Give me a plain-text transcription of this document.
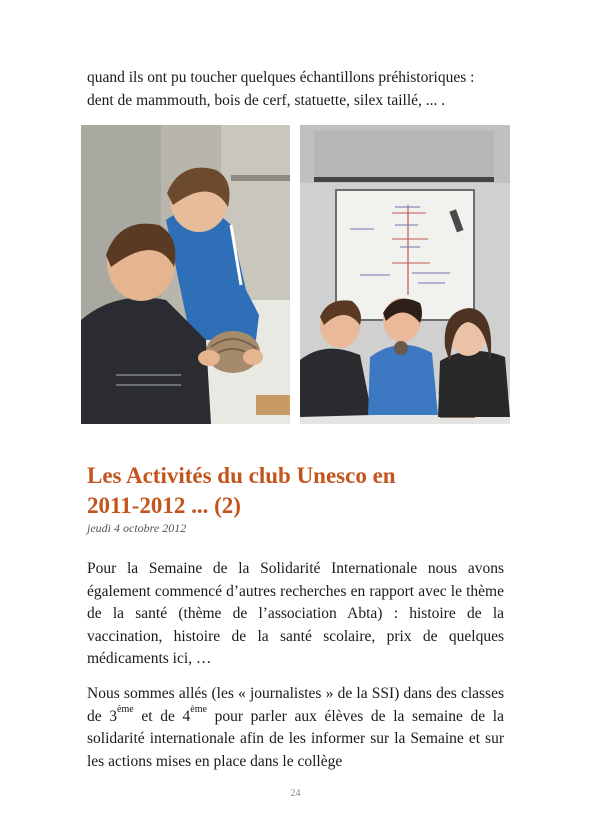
quand ils ont pu toucher quelques échantillons préhistoriques :
dent de mammouth, bois de cerf, statuette, silex taillé, ... .

Les Activités du club Unesco en
2011-2012 ... (2)

jeudi 4 octobre 2012

Pour la Semaine de la Solidarité Internationale nous avons également commencé d’autres recherches en rapport avec le thème de la santé (thème de l’association Abta) : histoire de la vaccination, histoire de la santé scolaire, prix de quelques médicaments ici, …

Nous sommes allés (les « journalistes » de la SSI) dans des classes de 3ème et de 4ème pour parler aux élèves de la semaine de la solidarité internationale afin de les informer sur la Semaine et sur les actions mises en place dans le collège

24
